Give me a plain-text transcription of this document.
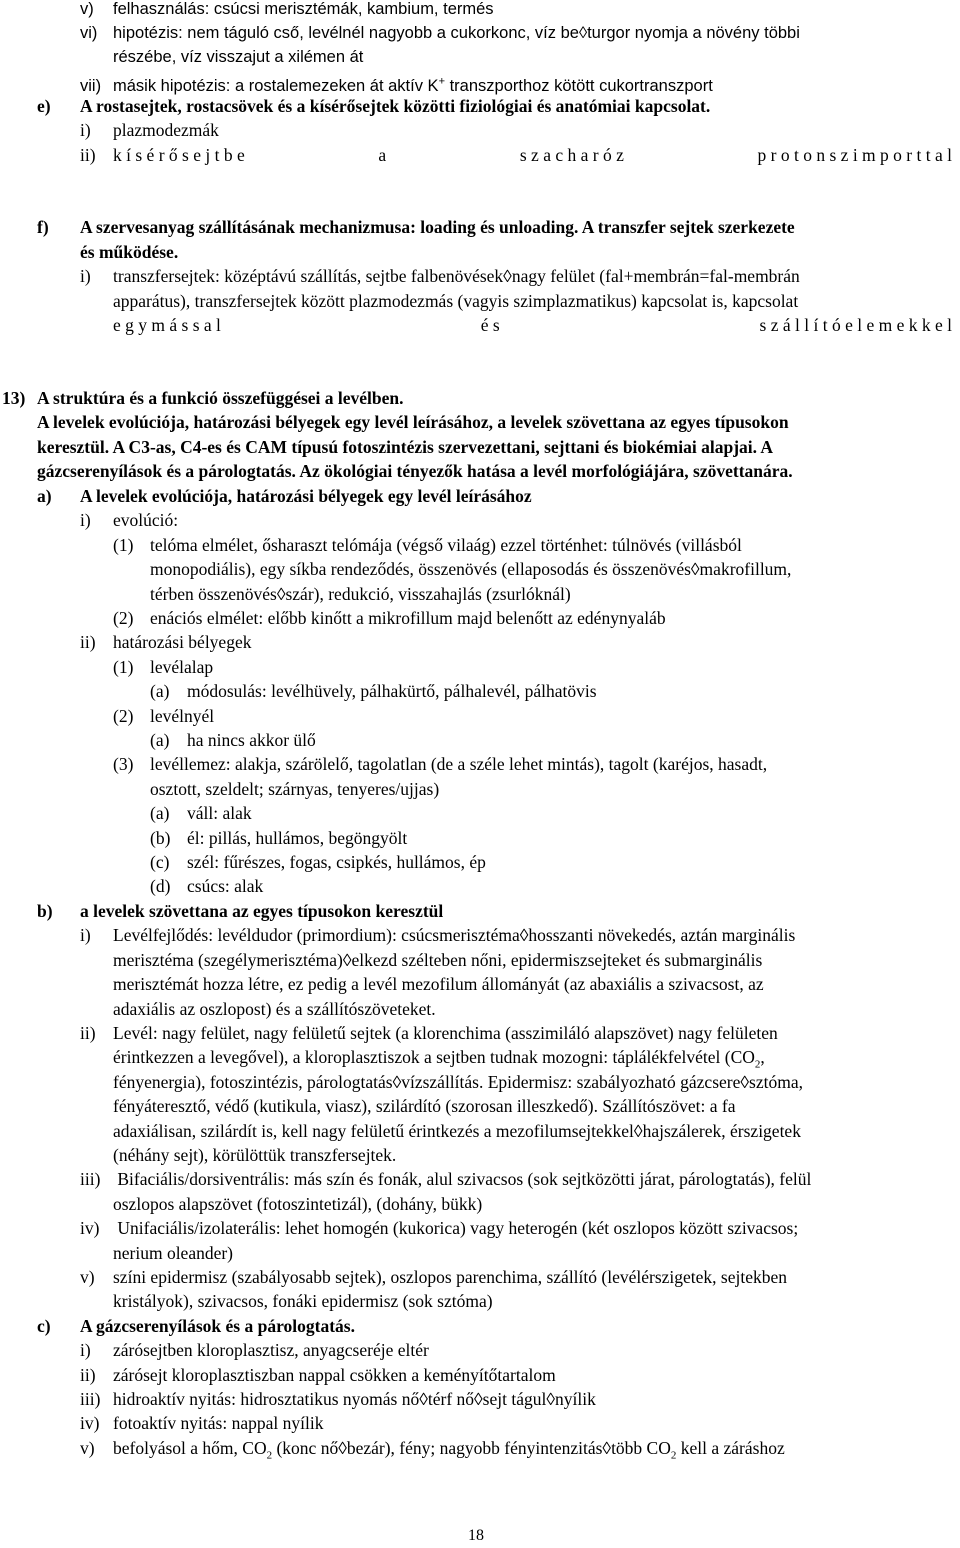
v) felhasználás: csúcsi merisztémák, kambium, termés
vi) hipotézis: nem táguló cső, levélnél nagyobb a cukorkonc, víz be◊turgor nyomja a növény többi
részébe, víz visszajut a xilémen át
vii) másik hipotézis: a rostalemezeken át aktív K+ transzporthoz kötött cukortranszport
e) A rostasejtek, rostacsövek és a kísérősejtek közötti fiziológiai és anatómiai kapcsolat.
i) plazmodezmák
ii) k í s é r ő s e j t b e	a	s z a c h a r ó z	p r o t o n s z i m p o r t t a l
f) A szervesanyag szállításának mechanizmusa: loading és unloading. A transzfer sejtek szerkezete
és működése.
i) transzfersejtek: középtávú szállítás, sejtbe falbenövések◊nagy felület (fal+membrán=fal-membrán
apparátus), transzfersejtek között plazmodezmás (vagyis szimplazmatikus) kapcsolat is, kapcsolat
e g y m á s s a l	é s	s z á l l í t ó e l e m e k k e l
13) A struktúra és a funkció összefüggései a levélben.
A levelek evolúciója, határozási bélyegek egy levél leírásához, a levelek szövettana az egyes típusokon
keresztül. A C3-as, C4-es és CAM típusú fotoszintézis szervezettani, sejttani és biokémiai alapjai. A
gázcserenyílások és a párologtatás. Az ökológiai tényezők hatása a levél morfológiájára, szövettanára.
a) A levelek evolúciója, határozási bélyegek egy levél leírásához
i) evolúció:
(1) telóma elmélet, ősharaszt telómája (végső vilaág) ezzel történhet: túlnövés (villásból
monopodiális), egy síkba rendeződés, összenövés (ellaposodás és összenövés◊makrofillum,
térben összenövés◊szár), redukció, visszahajlás (zsurlóknál)
(2) enációs elmélet: előbb kinőtt a mikrofillum majd belenőtt az edénynyaláb
ii) határozási bélyegek
(1) levélalap
(a) módosulás: levélhüvely, pálhakürtő, pálhalevél, pálhatövis
(2) levélnyél
(a) ha nincs akkor ülő
(3) levéllemez: alakja, szárölelő, tagolatlan (de a széle lehet mintás), tagolt (karéjos, hasadt,
osztott, szeldelt; szárnyas, tenyeres/ujjas)
(a) váll: alak
(b) él: pillás, hullámos, begöngyölt
(c) szél: fűrészes, fogas, csipkés, hullámos, ép
(d) csúcs: alak
b) a levelek szövettana az egyes típusokon keresztül
i) Levélfejlődés: levéldudor (primordium): csúcsmerisztéma◊hosszanti növekedés, aztán marginális
merisztéma (szegélymerisztéma)◊elkezd szélteben nőni, epidermiszsejteket és submarginális
merisztémát hozza létre, ez pedig a levél mezofilum állományát (az abaxiális a szivacsost, az
adaxiális az oszlopost) és a szállítószöveteket.
ii) Levél: nagy felület, nagy felületű sejtek (a klorenchima (asszimiláló alapszövet) nagy felületen
érintkezzen a levegővel), a kloroplasztiszok a sejtben tudnak mozogni: táplálékfelvétel ($CO_2$,
fényenergia), fotoszintézis, párologtatás◊vízszállítás. Epidermisz: szabályozható gázcsere◊sztóma,
fényáteresztő, védő (kutikula, viasz), szilárdító (szorosan illeszkedő). Szállítószövet: a fa
adaxiálisan, szilárdít is, kell nagy felületű érintkezés a mezofilumsejtekkel◊hajszálerek, érszigetek
(néhány sejt), körülöttük transzfersejtek.
iii) Bifaciális/dorsiventrális: más szín és fonák, alul szivacsos (sok sejtközötti járat, párologtatás), felül
oszlopos alapszövet (fotoszintetizál), (dohány, bükk)
iv) Unifaciális/izolaterális: lehet homogén (kukorica) vagy heterogén (két oszlopos között szivacsos;
nerium oleander)
v) színi epidermisz (szabályosabb sejtek), oszlopos parenchima, szállító (levélérszigetek, sejtekben
kristályok), szivacsos, fonáki epidermisz (sok sztóma)
c) A gázcserenyílások és a párologtatás.
i) zárósejtben kloroplasztisz, anyagcseréje eltér
ii) zárósejt kloroplasztiszban nappal csökken a keményítőtartalom
iii) hidroaktív nyitás: hidrosztatikus nyomás nő◊térf nő◊sejt tágul◊nyílik
iv) fotoaktív nyitás: nappal nyílik
v) befolyásol a hőm, $CO_2$ (konc nő◊bezár), fény; nagyobb fényintenzitás◊több $CO_2$ kell a záráshoz
18
